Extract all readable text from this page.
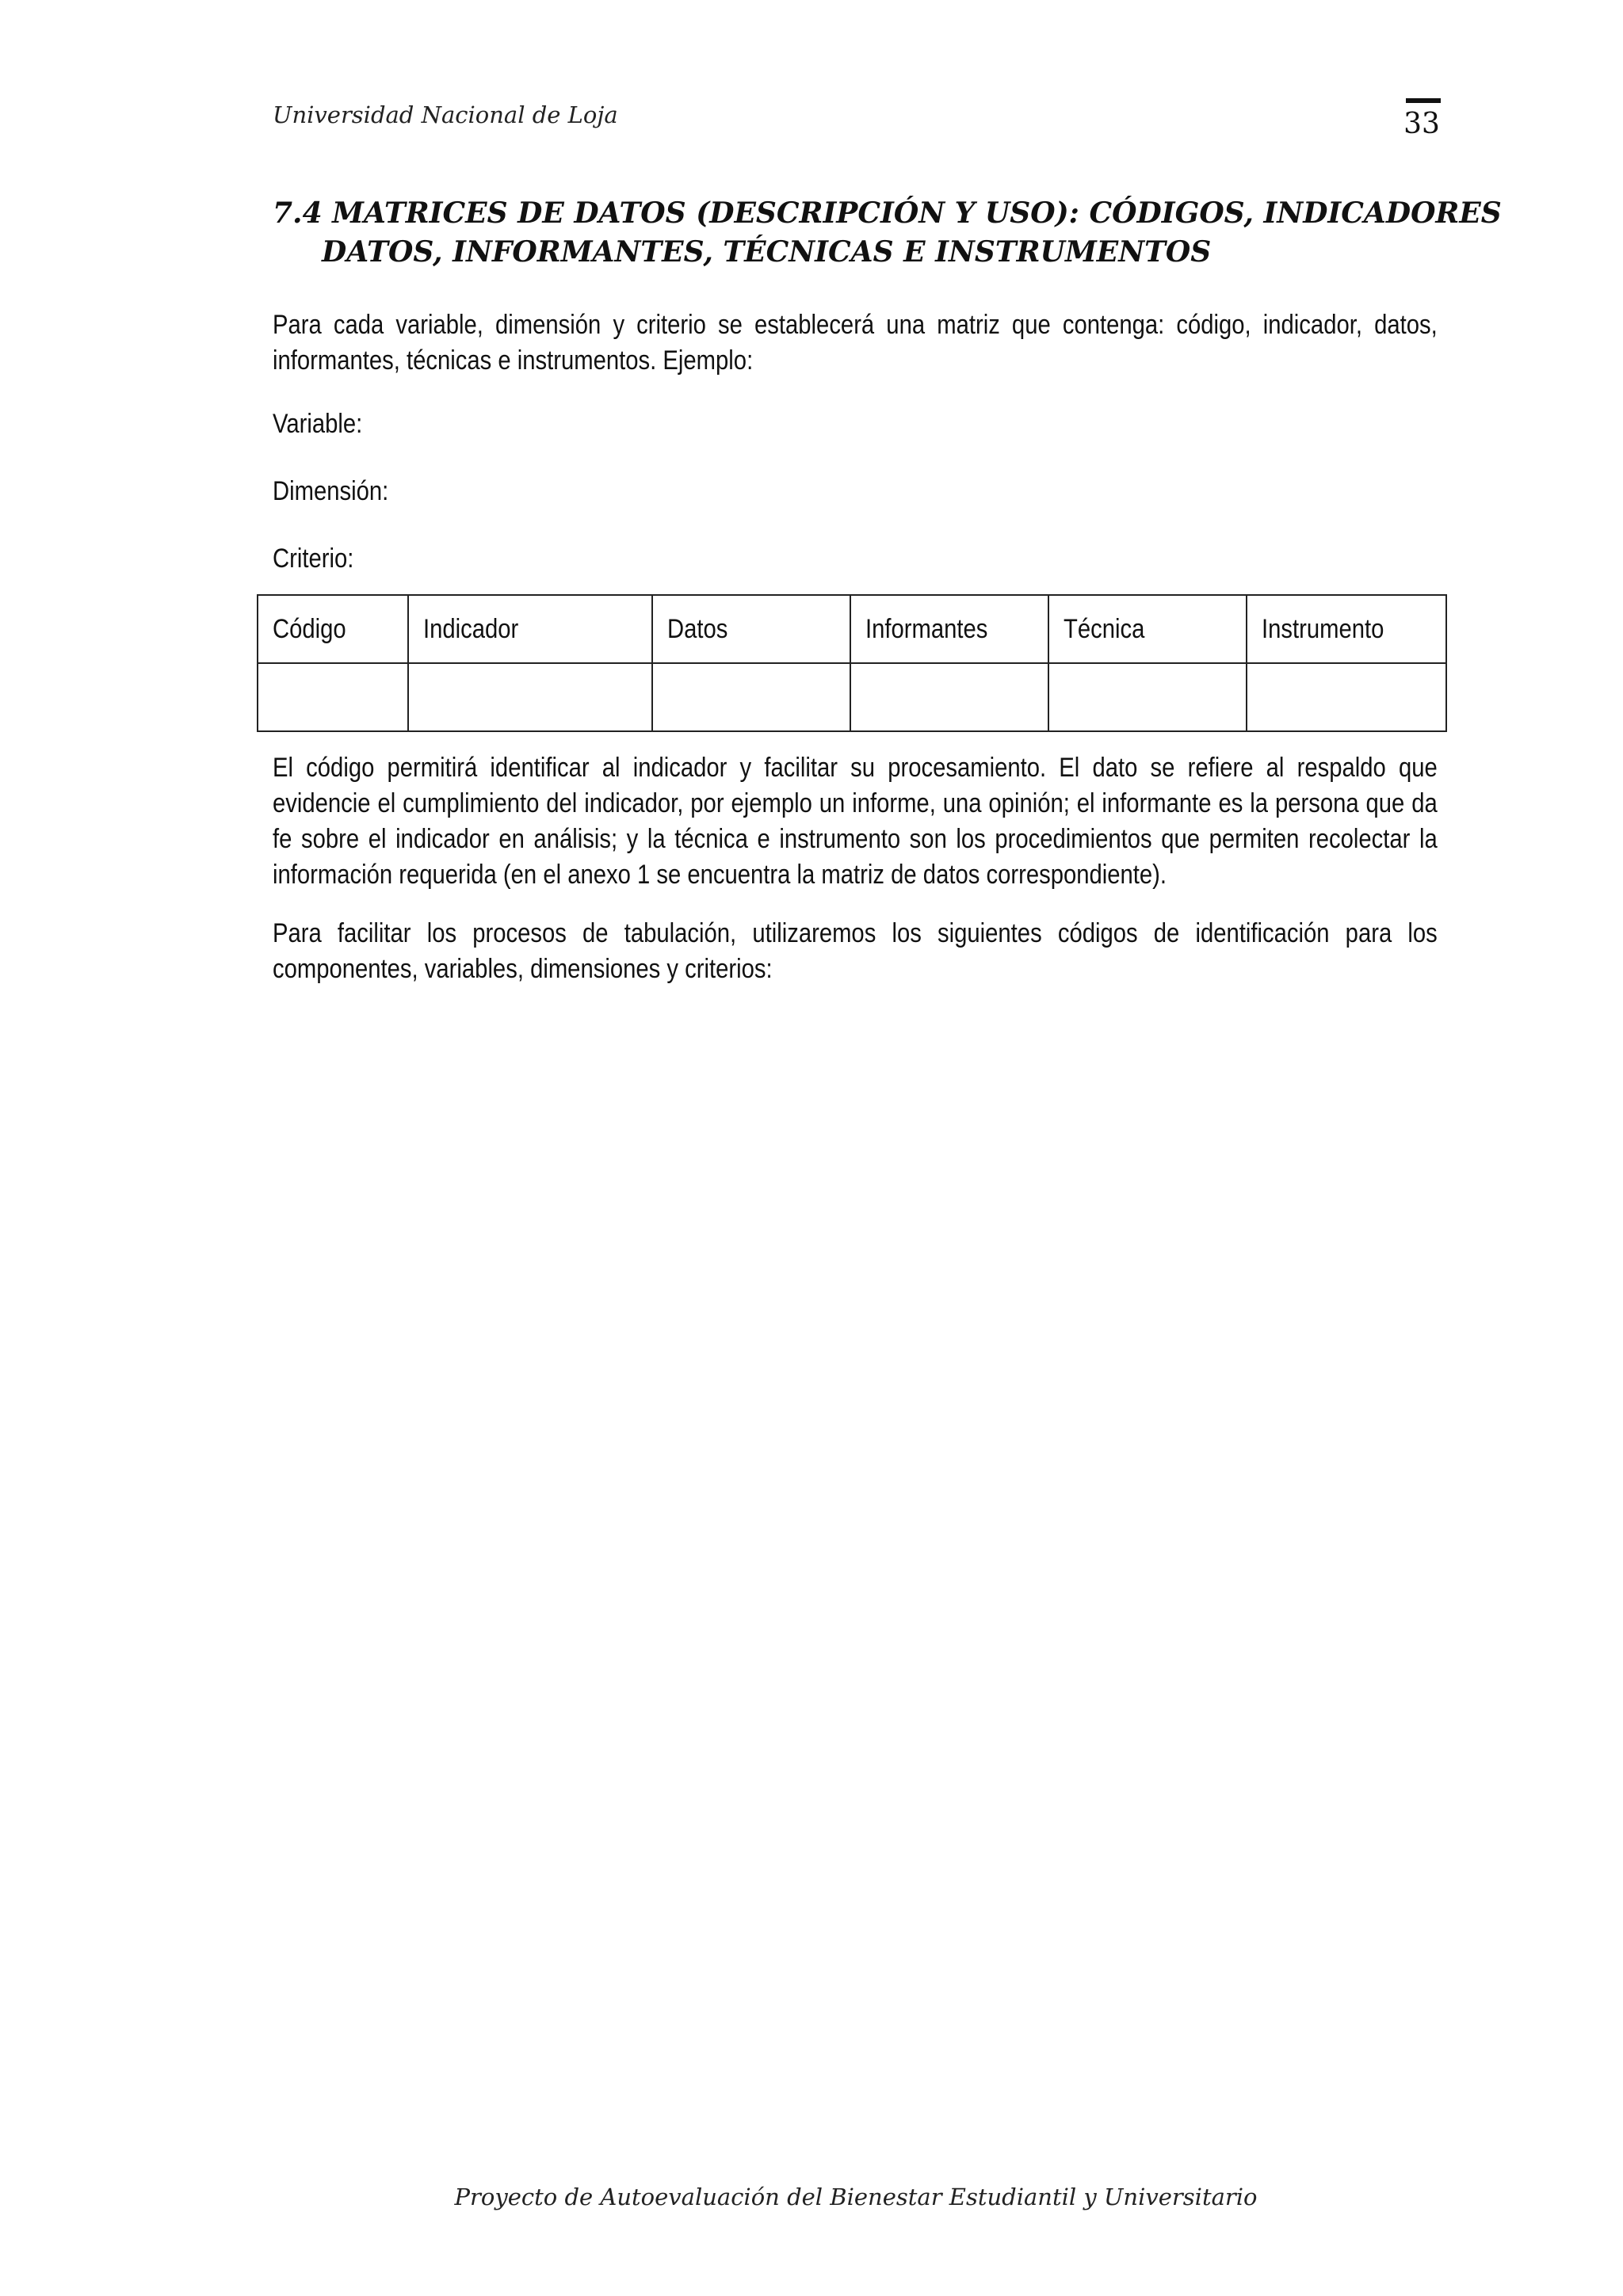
Universidad Nacional de Loja	33
7.4 MATRICES DE DATOS (DESCRIPCIÓN Y USO): CÓDIGOS, INDICADORES
DATOS, INFORMANTES, TÉCNICAS E INSTRUMENTOS
Para cada variable, dimensión y criterio se establecerá una matriz que contenga: código, indicador, datos, informantes, técnicas e instrumentos. Ejemplo:
Variable:
Dimensión:
Criterio:
Código	Indicador	Datos	Informantes	Técnica	Instrumento

El código permitirá identificar al indicador y facilitar su procesamiento. El dato se refiere al respaldo que evidencie el cumplimiento del indicador, por ejemplo un informe, una opinión; el informante es la persona que da fe sobre el indicador en análisis; y la técnica e instrumento son los procedimientos que permiten recolectar la información requerida (en el anexo 1 se encuentra la matriz de datos correspondiente).
Para facilitar los procesos de tabulación, utilizaremos los siguientes códigos de identificación para los componentes, variables, dimensiones y criterios:
Proyecto de Autoevaluación del Bienestar Estudiantil y Universitario
